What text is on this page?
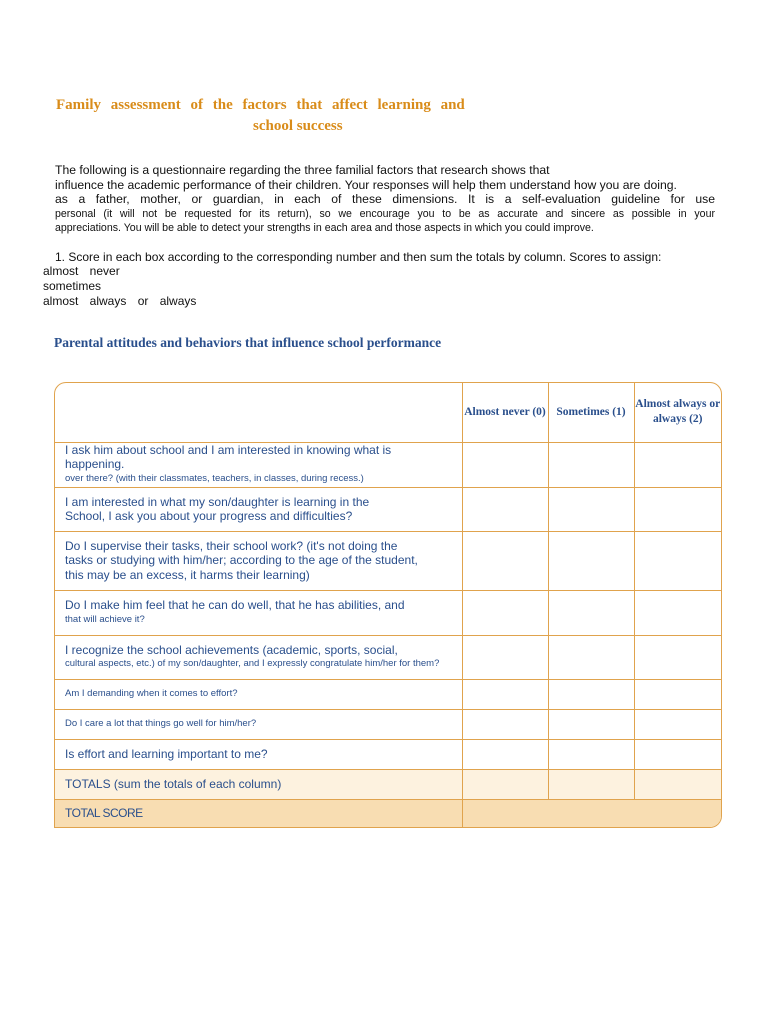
Family assessment of the factors that affect learning and
school success
The following is a questionnaire regarding the three familial factors that research shows that
influence the academic performance of their children. Your responses will help them understand how you are doing.
as a father, mother, or guardian, in each of these dimensions. It is a self-evaluation guideline for use
personal (it will not be requested for its return), so we encourage you to be as accurate and sincere as possible in your
appreciations. You will be able to detect your strengths in each area and those aspects in which you could improve.
1. Score in each box according to the corresponding number and then sum the totals by column. Scores to assign:
almost never
sometimes
almost always or always
Parental attitudes and behaviors that influence school performance
	Almost never (0)	Sometimes (1)	Almost always or always (2)

I ask him about school and I am interested in knowing what is happening.
over there? (with their classmates, teachers, in classes, during recess.)			

I am interested in what my son/daughter is learning in the
School, I ask you about your progress and difficulties?			

Do I supervise their tasks, their school work? (it's not doing the
tasks or studying with him/her; according to the age of the student,
this may be an excess, it harms their learning)			

Do I make him feel that he can do well, that he has abilities, and
that will achieve it?			

I recognize the school achievements (academic, sports, social,
cultural aspects, etc.) of my son/daughter, and I expressly congratulate him/her for them?			

Am I demanding when it comes to effort?			

Do I care a lot that things go well for him/her?			

Is effort and learning important to me?			

TOTALS (sum the totals of each column)			
TOTAL SCORE			
